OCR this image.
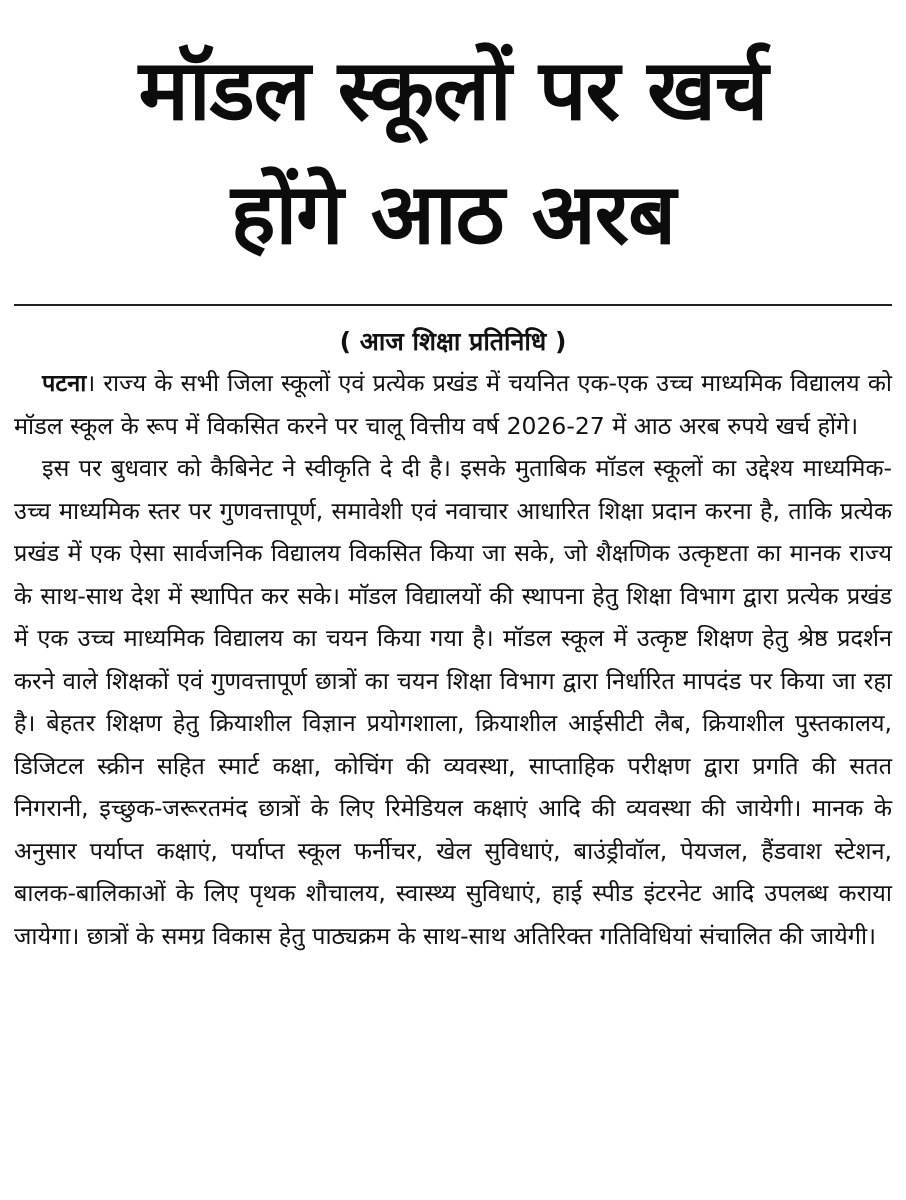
मॉडल स्कूलों पर खर्च
होंगे आठ अरब
( आज शिक्षा प्रतिनिधि )

पटना। राज्य के सभी जिला स्कूलों एवं प्रत्येक प्रखंड में चयनित एक-एक उच्च माध्यमिक विद्यालय को मॉडल स्कूल के रूप में विकसित करने पर चालू वित्तीय वर्ष 2026-27 में आठ अरब रुपये खर्च होंगे।

इस पर बुधवार को कैबिनेट ने स्वीकृति दे दी है। इसके मुताबिक मॉडल स्कूलों का उद्देश्य माध्यमिक-उच्च माध्यमिक स्तर पर गुणवत्तापूर्ण, समावेशी एवं नवाचार आधारित शिक्षा प्रदान करना है, ताकि प्रत्येक प्रखंड में एक ऐसा सार्वजनिक विद्यालय विकसित किया जा सके, जो शैक्षणिक उत्कृष्टता का मानक राज्य के साथ-साथ देश में स्थापित कर सके। मॉडल विद्यालयों की स्थापना हेतु शिक्षा विभाग द्वारा प्रत्येक प्रखंड में एक उच्च माध्यमिक विद्यालय का चयन किया गया है। मॉडल स्कूल में उत्कृष्ट शिक्षण हेतु श्रेष्ठ प्रदर्शन करने वाले शिक्षकों एवं गुणवत्तापूर्ण छात्रों का चयन शिक्षा विभाग द्वारा निर्धारित मापदंड पर किया जा रहा है। बेहतर शिक्षण हेतु क्रियाशील विज्ञान प्रयोगशाला, क्रियाशील आईसीटी लैब, क्रियाशील पुस्तकालय, डिजिटल स्क्रीन सहित स्मार्ट कक्षा, कोचिंग की व्यवस्था, साप्ताहिक परीक्षण द्वारा प्रगति की सतत निगरानी, इच्छुक-जरूरतमंद छात्रों के लिए रिमेडियल कक्षाएं आदि की व्यवस्था की जायेगी। मानक के अनुसार पर्याप्त कक्षाएं, पर्याप्त स्कूल फर्नीचर, खेल सुविधाएं, बाउंड्रीवॉल, पेयजल, हैंडवाश स्टेशन, बालक-बालिकाओं के लिए पृथक शौचालय, स्वास्थ्य सुविधाएं, हाई स्पीड इंटरनेट आदि उपलब्ध कराया जायेगा। छात्रों के समग्र विकास हेतु पाठ्यक्रम के साथ-साथ अतिरिक्त गतिविधियां संचालित की जायेगी।
